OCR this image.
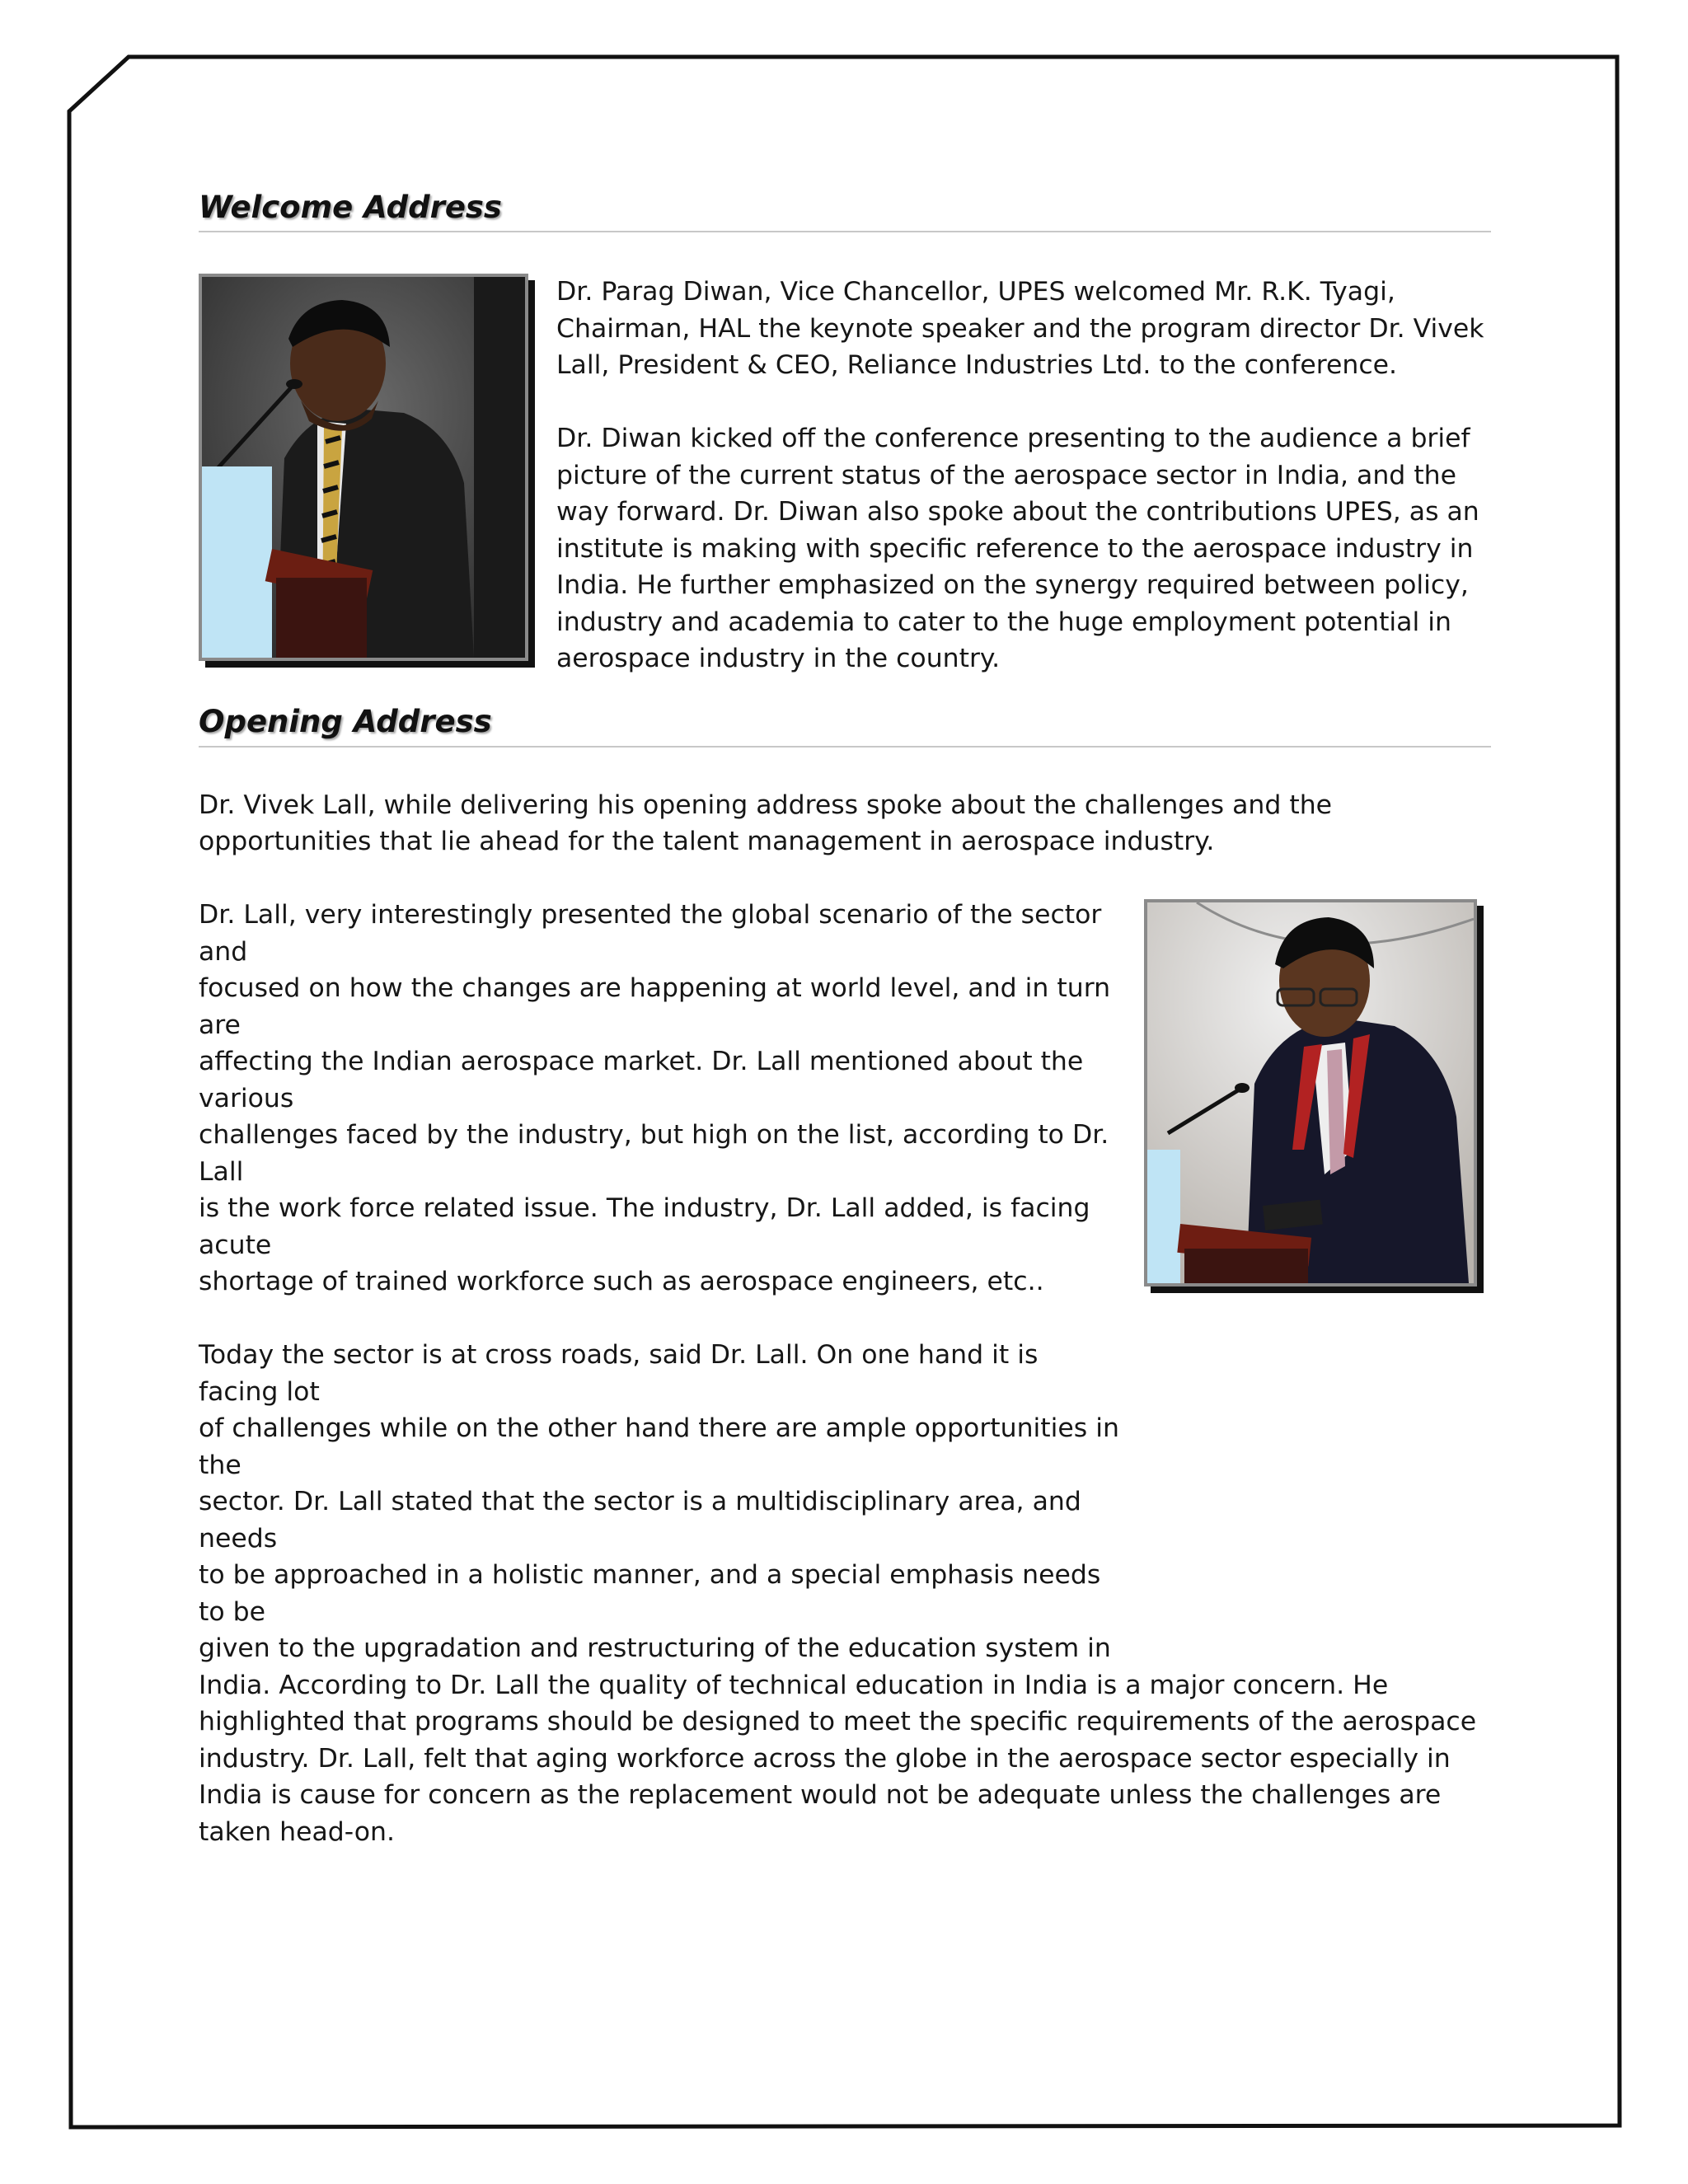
Welcome Address

Dr. Parag Diwan, Vice Chancellor, UPES welcomed Mr. R.K. Tyagi, Chairman, HAL the keynote speaker and the program director Dr. Vivek Lall, President & CEO, Reliance Industries Ltd. to the conference.

Dr. Diwan kicked off the conference presenting to the audience a brief picture of the current status of the aerospace sector in India, and the way forward. Dr. Diwan also spoke about the contributions UPES, as an institute is making with specific reference to the aerospace industry in India. He further emphasized on the synergy required between policy, industry and academia to cater to the huge employment potential in aerospace industry in the country.

Opening Address

Dr. Vivek Lall, while delivering his opening address spoke about the challenges and the opportunities that lie ahead for the talent management in aerospace industry.

Dr. Lall, very interestingly presented the global scenario of the sector and
focused on how the changes are happening at world level, and in turn are
affecting the Indian aerospace market. Dr. Lall mentioned about the various
challenges faced by the industry, but high on the list, according to Dr. Lall
is the work force related issue. The industry, Dr. Lall added, is facing acute
shortage of trained workforce such as aerospace engineers, etc..
Today the sector is at cross roads, said Dr. Lall. On one hand it is facing lot
of challenges while on the other hand there are ample opportunities in the
sector. Dr. Lall stated that the sector is a multidisciplinary area, and needs
to be approached in a holistic manner, and a special emphasis needs to be
given to the upgradation and restructuring of the education system in

India. According to Dr. Lall the quality of technical education in India is a major concern. He highlighted that programs should be designed to meet the specific requirements of the aerospace industry. Dr. Lall, felt that aging workforce across the globe in the aerospace sector especially in India is cause for concern as the replacement would not be adequate unless the challenges are taken head-on.
